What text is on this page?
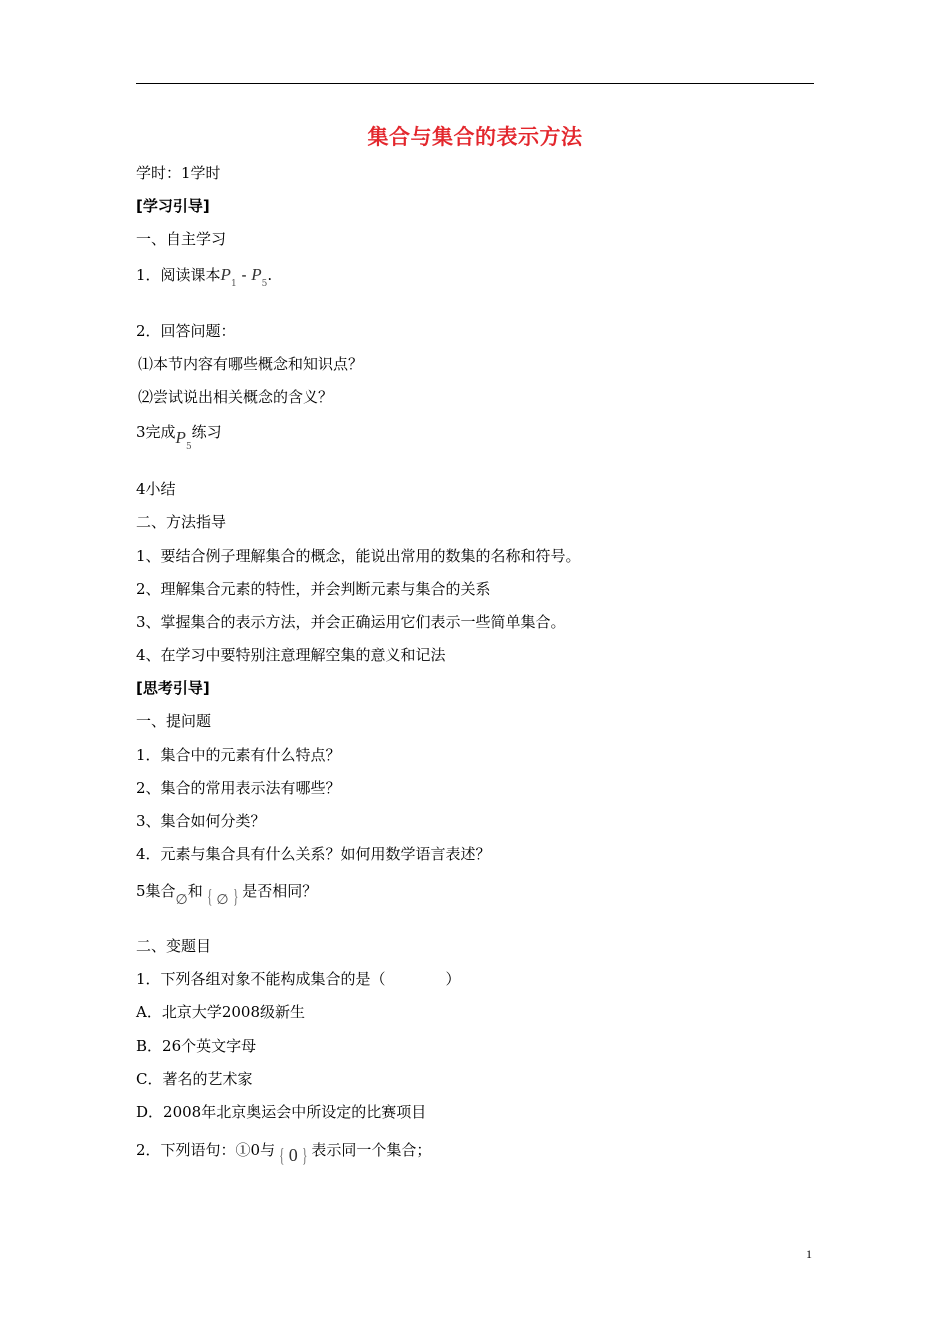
集合与集合的表示方法
学时：1学时
[学习引导]
一、自主学习
1．阅读课本$P_1 - P_5$.
2．回答问题：
⑴本节内容有哪些概念和知识点？
⑵尝试说出相关概念的含义？
3完成$P_5$练习
4小结
二、方法指导
1、要结合例子理解集合的概念，能说出常用的数集的名称和符号。
2、理解集合元素的特性，并会判断元素与集合的关系
3、掌握集合的表示方法，并会正确运用它们表示一些简单集合。
4、在学习中要特别注意理解空集的意义和记法
[思考引导]
一、提问题
1．集合中的元素有什么特点？
2、集合的常用表示法有哪些？
3、集合如何分类？
4．元素与集合具有什么关系？如何用数学语言表述？
5集合∅和 { ∅ } 是否相同？
二、变题目
1．下列各组对象不能构成集合的是（　　　　）
A．北京大学2008级新生
B．26个英文字母
C．著名的艺术家
D．2008年北京奥运会中所设定的比赛项目
2．下列语句：①0与 { 0 } 表示同一个集合；
1
